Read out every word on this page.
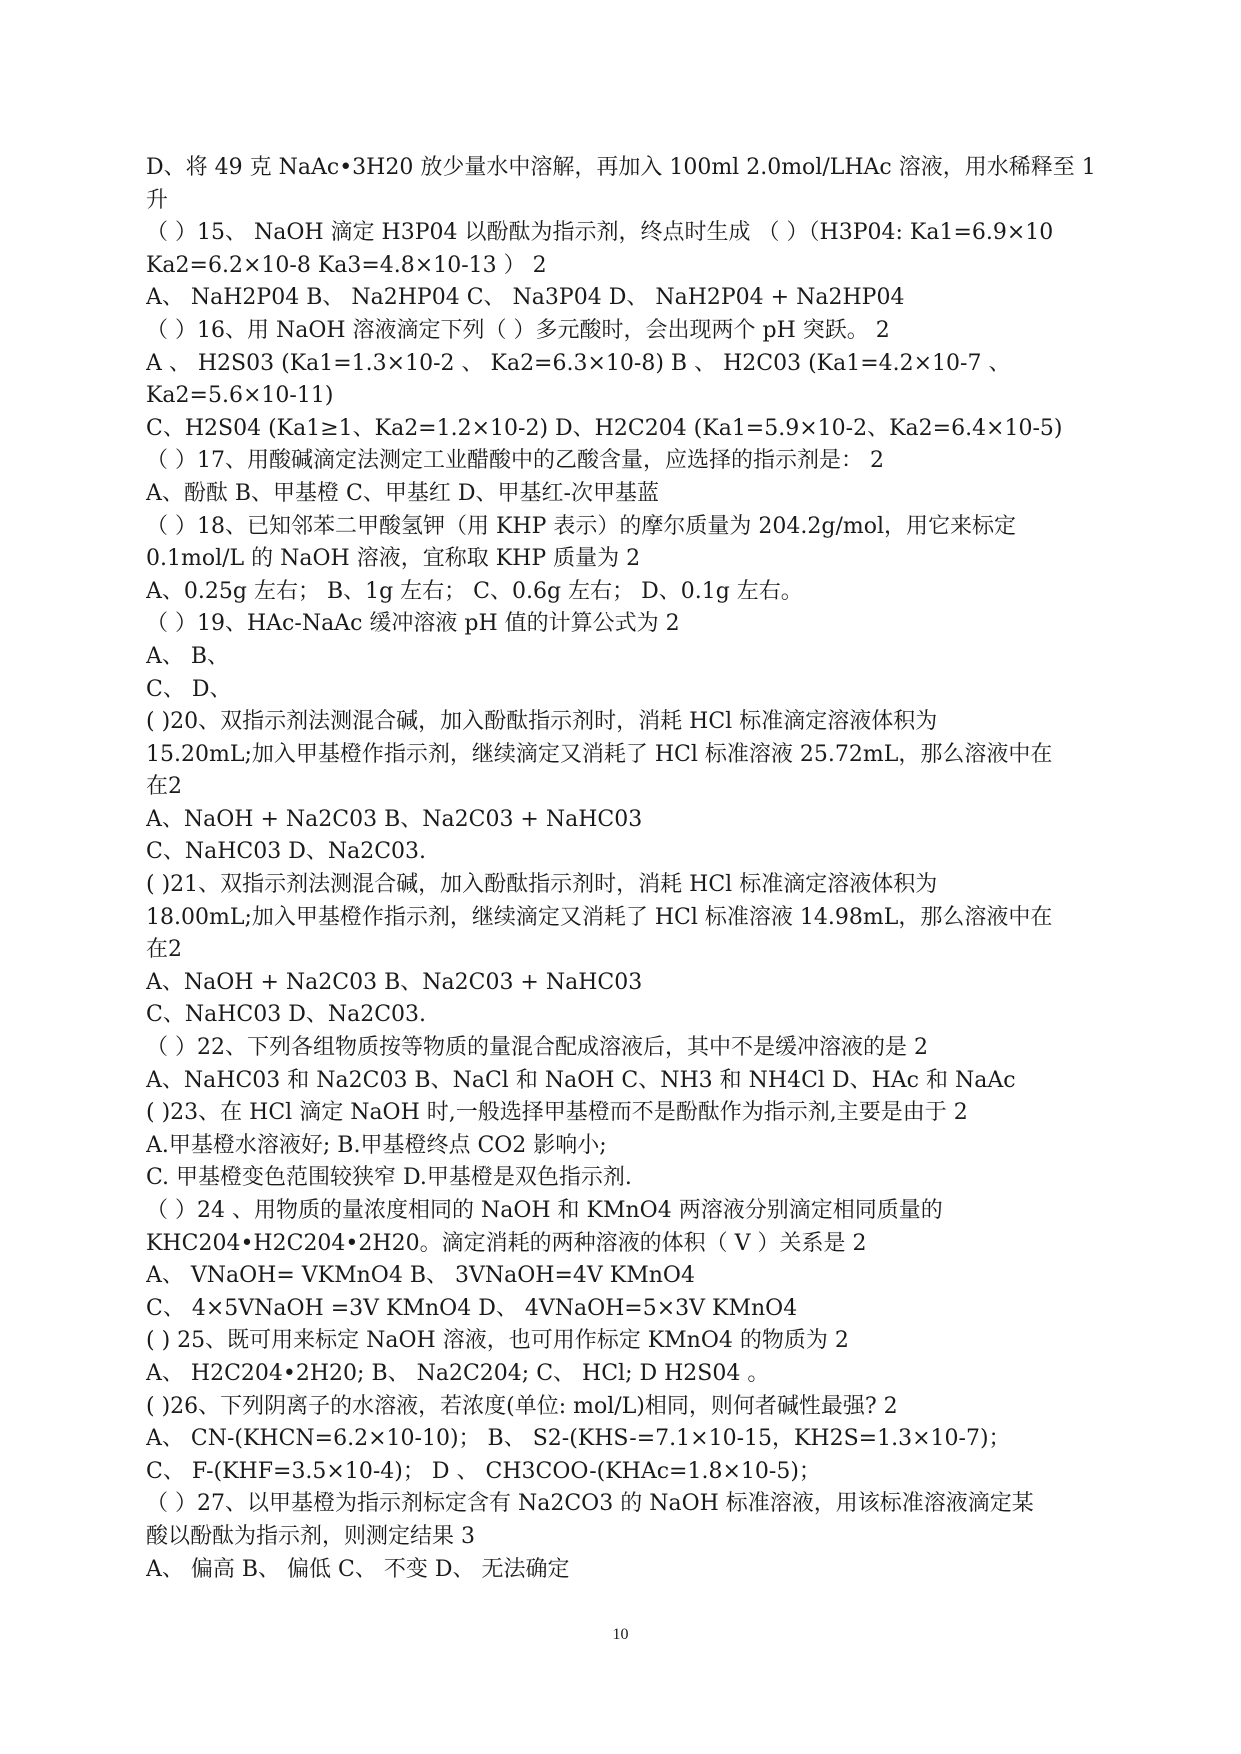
D、将 49 克 NaAc•3H20 放少量水中溶解，再加入 100ml 2.0mol/LHAc 溶液，用水稀释至 1
升
（ ）15、 NaOH 滴定 H3P04 以酚酞为指示剂，终点时生成 （ ）（H3P04: Ka1=6.9×10
Ka2=6.2×10-8 Ka3=4.8×10-13 ） 2
A、 NaH2P04 B、 Na2HP04 C、 Na3P04 D、 NaH2P04 + Na2HP04
（ ）16、用 NaOH 溶液滴定下列（ ）多元酸时，会出现两个 pH 突跃。 2
A 、 H2S03 (Ka1=1.3×10-2 、 Ka2=6.3×10-8) B 、 H2C03 (Ka1=4.2×10-7 、
Ka2=5.6×10-11)
C、H2S04 (Ka1≥1、Ka2=1.2×10-2) D、H2C204 (Ka1=5.9×10-2、Ka2=6.4×10-5)
（ ）17、用酸碱滴定法测定工业醋酸中的乙酸含量，应选择的指示剂是： 2
A、酚酞 B、甲基橙 C、甲基红 D、甲基红-次甲基蓝
（ ）18、已知邻苯二甲酸氢钾（用 KHP 表示）的摩尔质量为 204.2g/mol，用它来标定
0.1mol/L 的 NaOH 溶液，宜称取 KHP 质量为 2
A、0.25g 左右； B、1g 左右； C、0.6g 左右； D、0.1g 左右。
（ ）19、HAc-NaAc 缓冲溶液 pH 值的计算公式为 2
A、 B、
C、 D、
( )20、双指示剂法测混合碱，加入酚酞指示剂时，消耗 HCl 标准滴定溶液体积为
15.20mL;加入甲基橙作指示剂，继续滴定又消耗了 HCl 标准溶液 25.72mL，那么溶液中在
在2
A、NaOH + Na2C03 B、Na2C03 + NaHC03
C、NaHC03 D、Na2C03.
( )21、双指示剂法测混合碱，加入酚酞指示剂时，消耗 HCl 标准滴定溶液体积为
18.00mL;加入甲基橙作指示剂，继续滴定又消耗了 HCl 标准溶液 14.98mL，那么溶液中在
在2
A、NaOH + Na2C03 B、Na2C03 + NaHC03
C、NaHC03 D、Na2C03.
（ ）22、下列各组物质按等物质的量混合配成溶液后，其中不是缓冲溶液的是 2
A、NaHC03 和 Na2C03 B、NaCl 和 NaOH C、NH3 和 NH4Cl D、HAc 和 NaAc
( )23、在 HCl 滴定 NaOH 时,一般选择甲基橙而不是酚酞作为指示剂,主要是由于 2
A.甲基橙水溶液好; B.甲基橙终点 CO2 影响小;
C. 甲基橙变色范围较狭窄 D.甲基橙是双色指示剂.
（ ）24 、用物质的量浓度相同的 NaOH 和 KMnO4 两溶液分别滴定相同质量的
KHC204•H2C204•2H20。滴定消耗的两种溶液的体积（ V ）关系是 2
A、 VNaOH= VKMnO4 B、 3VNaOH=4V KMnO4
C、 4×5VNaOH =3V KMnO4 D、 4VNaOH=5×3V KMnO4
( ) 25、既可用来标定 NaOH 溶液，也可用作标定 KMnO4 的物质为 2
A、 H2C204•2H20; B、 Na2C204; C、 HCl; D H2S04 。
( )26、下列阴离子的水溶液，若浓度(单位: mol/L)相同，则何者碱性最强? 2
A、 CN-(KHCN=6.2×10-10)； B、 S2-(KHS-=7.1×10-15，KH2S=1.3×10-7)；
C、 F-(KHF=3.5×10-4)； D 、 CH3COO-(KHAc=1.8×10-5)；
（ ）27、以甲基橙为指示剂标定含有 Na2CO3 的 NaOH 标准溶液，用该标准溶液滴定某
酸以酚酞为指示剂，则测定结果 3
A、 偏高 B、 偏低 C、 不变 D、 无法确定
10
